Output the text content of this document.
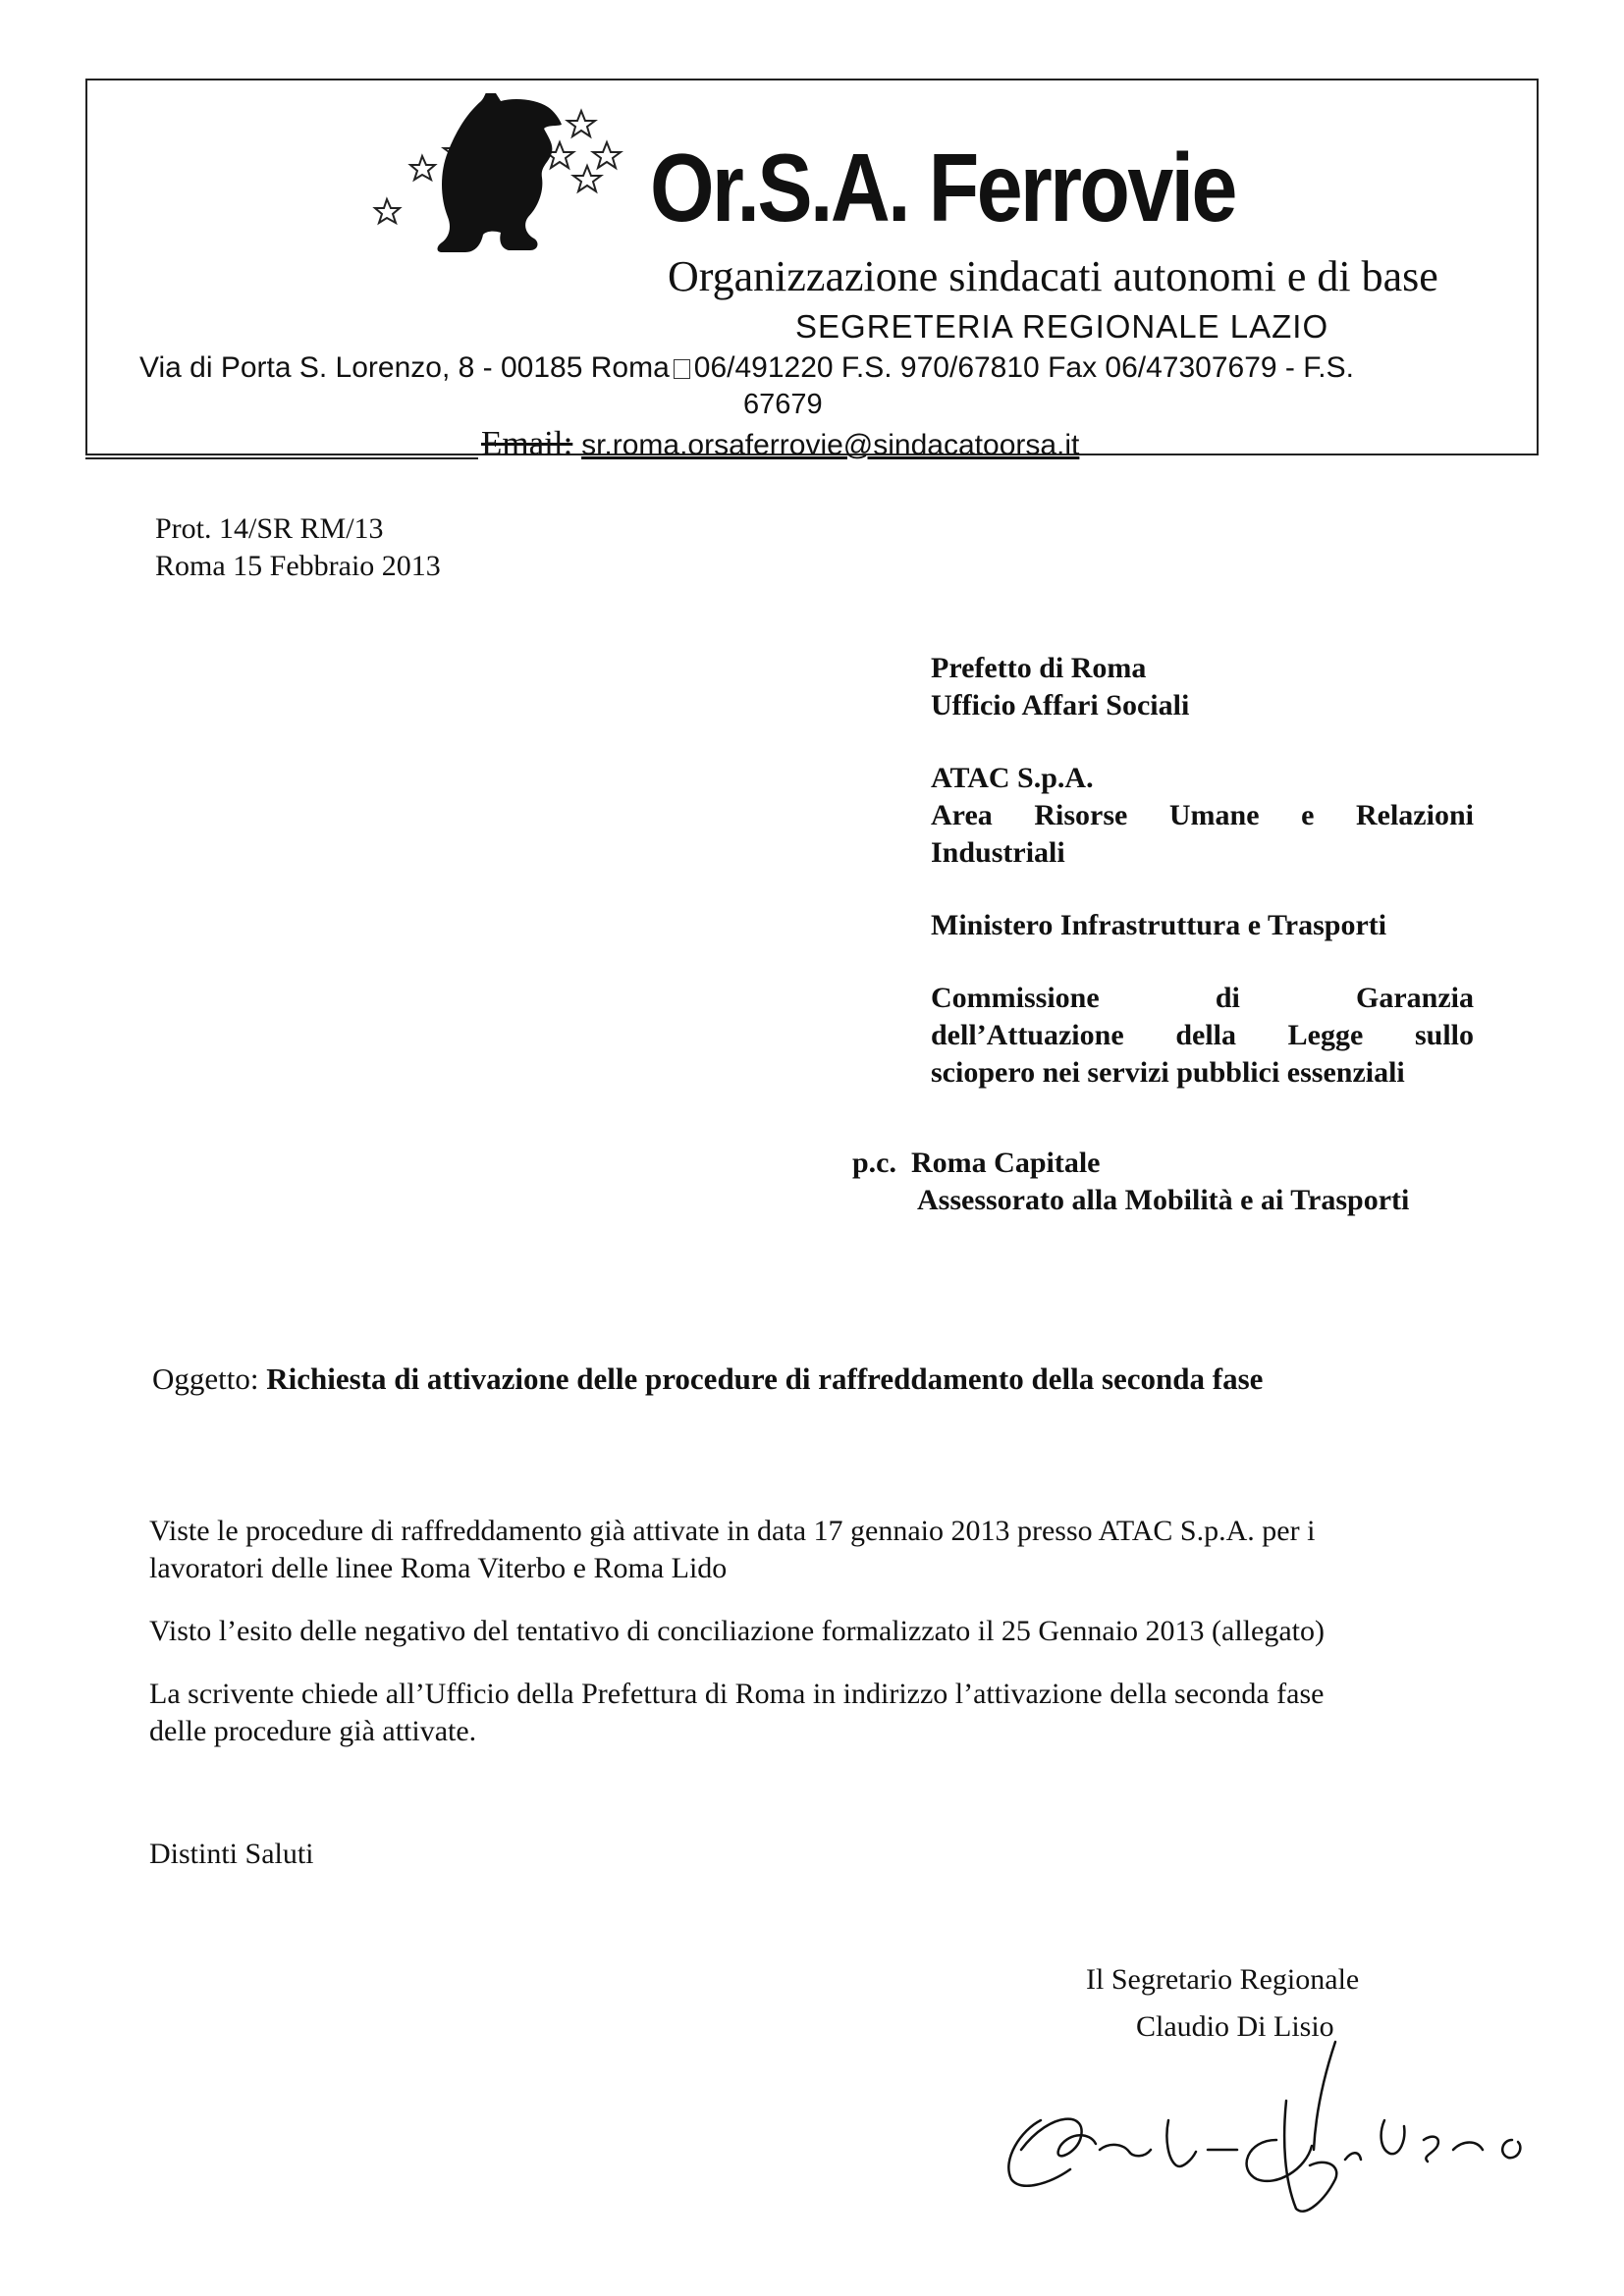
Or.S.A. Ferrovie
Organizzazione sindacati autonomi e di base
SEGRETERIA REGIONALE LAZIO
Via di Porta S. Lorenzo, 8 - 00185 Roma 06/491220 F.S. 970/67810 Fax 06/47307679 - F.S.
67679
Email: sr.roma.orsaferrovie@sindacatoorsa.it
Prot. 14/SR RM/13
Roma 15 Febbraio 2013
Prefetto di Roma
Ufficio Affari Sociali
ATAC S.p.A.
Area Risorse Umane e Relazioni
Industriali
Ministero Infrastruttura e Trasporti
Commissione	di	Garanzia
dell’Attuazione della Legge sullo
sciopero nei servizi pubblici essenziali
p.c. Roma Capitale
Assessorato alla Mobilità e ai Trasporti
Oggetto: Richiesta di attivazione delle procedure di raffreddamento della seconda fase
Viste le procedure di raffreddamento già attivate in data 17 gennaio 2013 presso ATAC S.p.A. per i
lavoratori delle linee Roma Viterbo e Roma Lido
Visto l’esito delle negativo del tentativo di conciliazione formalizzato il 25 Gennaio 2013 (allegato)
La scrivente chiede all’Ufficio della Prefettura di Roma in indirizzo l’attivazione della seconda fase
delle procedure già attivate.
Distinti Saluti
Il Segretario Regionale
Claudio Di Lisio
